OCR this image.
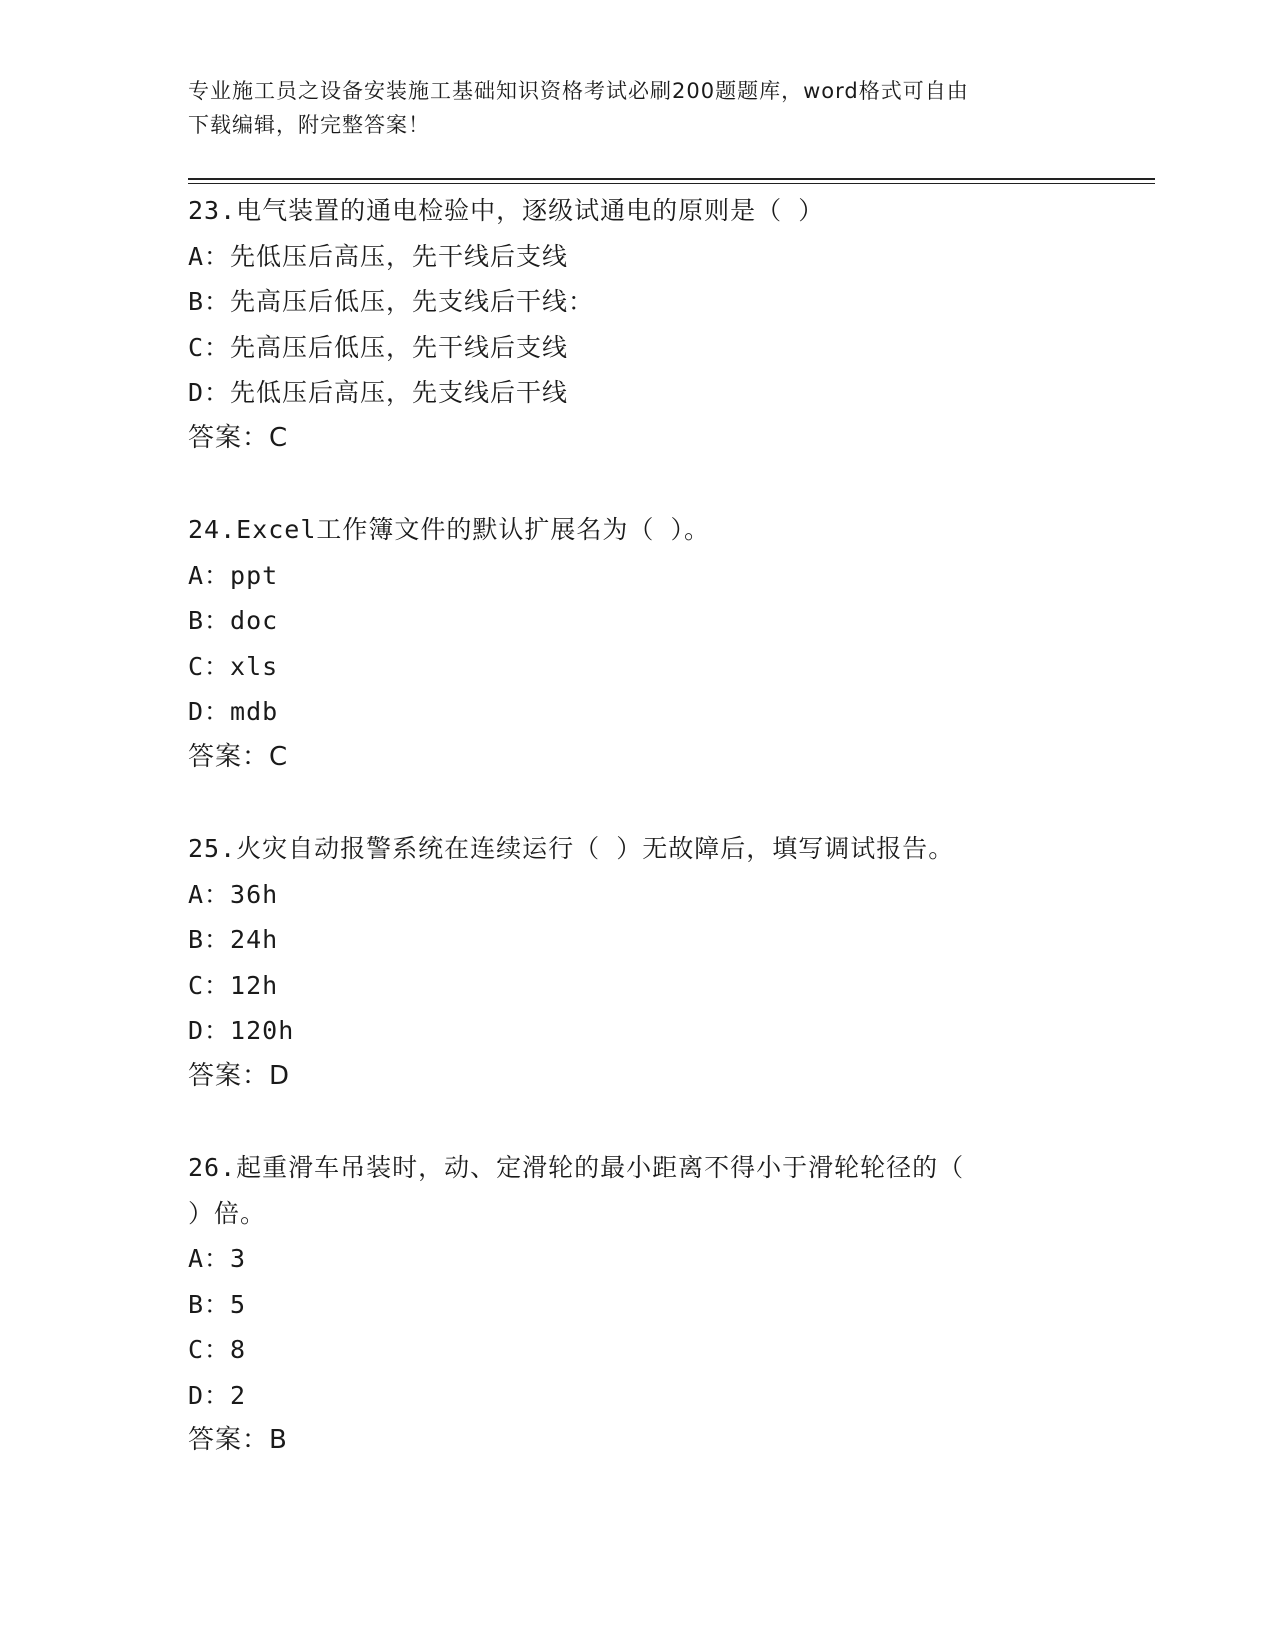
专业施工员之设备安装施工基础知识资格考试必刷200题题库，word格式可自由
下载编辑，附完整答案！
23.电气装置的通电检验中，逐级试通电的原则是（ ）
A：先低压后高压，先干线后支线
B：先高压后低压，先支线后干线：
C：先高压后低压，先干线后支线
D：先低压后高压，先支线后干线
答案：C
24.Excel工作簿文件的默认扩展名为（ ）。
A：ppt
B：doc
C：xls
D：mdb
答案：C
25.火灾自动报警系统在连续运行（ ）无故障后，填写调试报告。
A：36h
B：24h
C：12h
D：120h
答案：D
26.起重滑车吊装时，动、定滑轮的最小距离不得小于滑轮轮径的（
）倍。
A：3
B：5
C：8
D：2
答案：B
